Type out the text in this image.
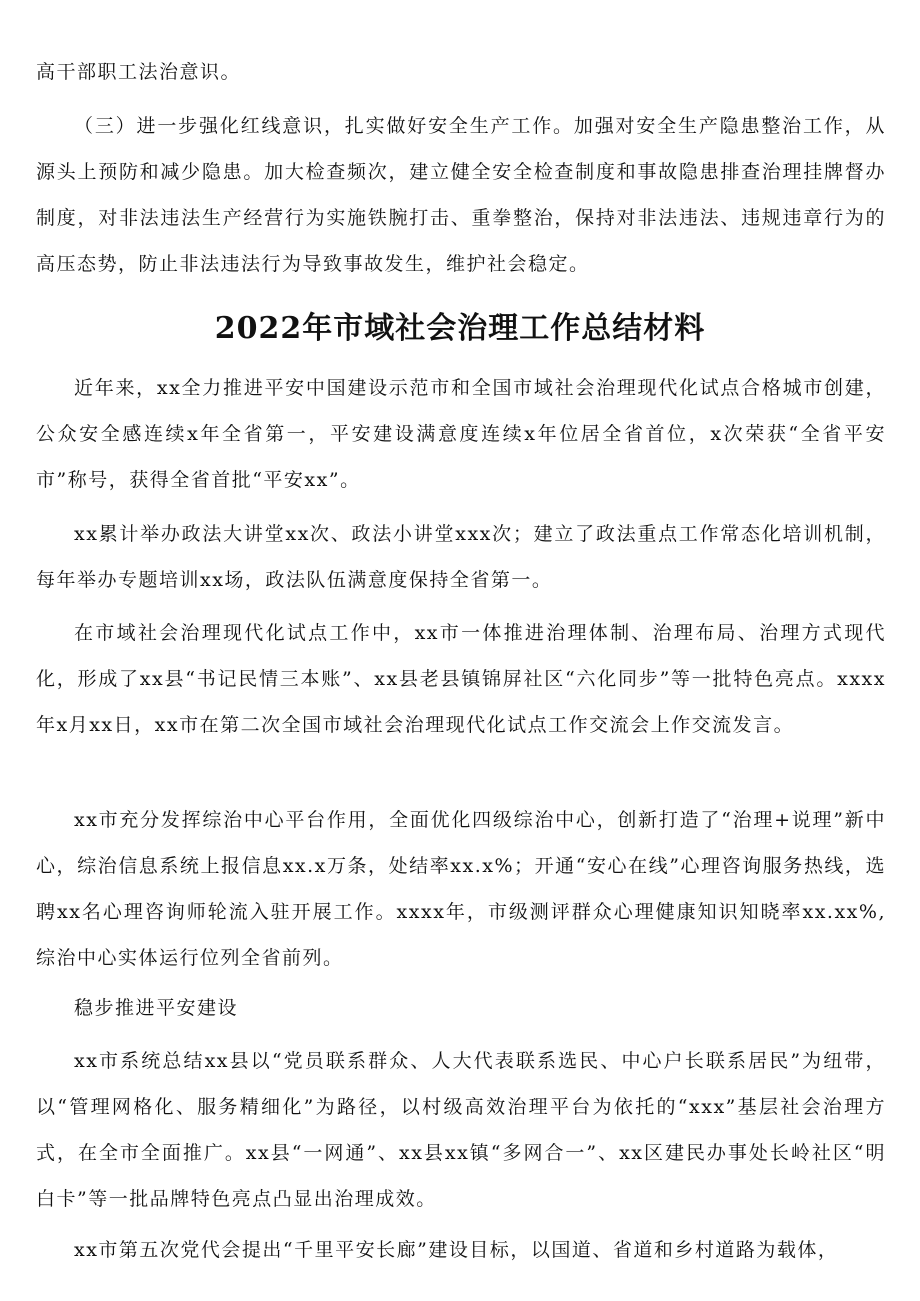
高干部职工法治意识。

（三）进一步强化红线意识，扎实做好安全生产工作。加强对安全生产隐患整治工作，从源头上预防和减少隐患。加大检查频次，建立健全安全检查制度和事故隐患排查治理挂牌督办制度，对非法违法生产经营行为实施铁腕打击、重拳整治，保持对非法违法、违规违章行为的高压态势，防止非法违法行为导致事故发生，维护社会稳定。

2022年市域社会治理工作总结材料

近年来，xx全力推进平安中国建设示范市和全国市域社会治理现代化试点合格城市创建，公众安全感连续x年全省第一，平安建设满意度连续x年位居全省首位，x次荣获“全省平安市”称号，获得全省首批“平安xx”。

xx累计举办政法大讲堂xx次、政法小讲堂xxx次；建立了政法重点工作常态化培训机制，每年举办专题培训xx场，政法队伍满意度保持全省第一。

在市域社会治理现代化试点工作中，xx市一体推进治理体制、治理布局、治理方式现代化，形成了xx县“书记民情三本账”、xx县老县镇锦屏社区“六化同步”等一批特色亮点。xxxx年x月xx日，xx市在第二次全国市域社会治理现代化试点工作交流会上作交流发言。

xx市充分发挥综治中心平台作用，全面优化四级综治中心，创新打造了“治理+说理”新中心，综治信息系统上报信息xx.x万条，处结率xx.x%；开通“安心在线”心理咨询服务热线，选聘xx名心理咨询师轮流入驻开展工作。xxxx年，市级测评群众心理健康知识知晓率xx.xx%,综治中心实体运行位列全省前列。

稳步推进平安建设

xx市系统总结xx县以“党员联系群众、人大代表联系选民、中心户长联系居民”为纽带，以“管理网格化、服务精细化”为路径，以村级高效治理平台为依托的“xxx”基层社会治理方式，在全市全面推广。xx县“一网通”、xx县xx镇“多网合一”、xx区建民办事处长岭社区“明白卡”等一批品牌特色亮点凸显出治理成效。

xx市第五次党代会提出“千里平安长廊”建设目标，以国道、省道和乡村道路为载体，
